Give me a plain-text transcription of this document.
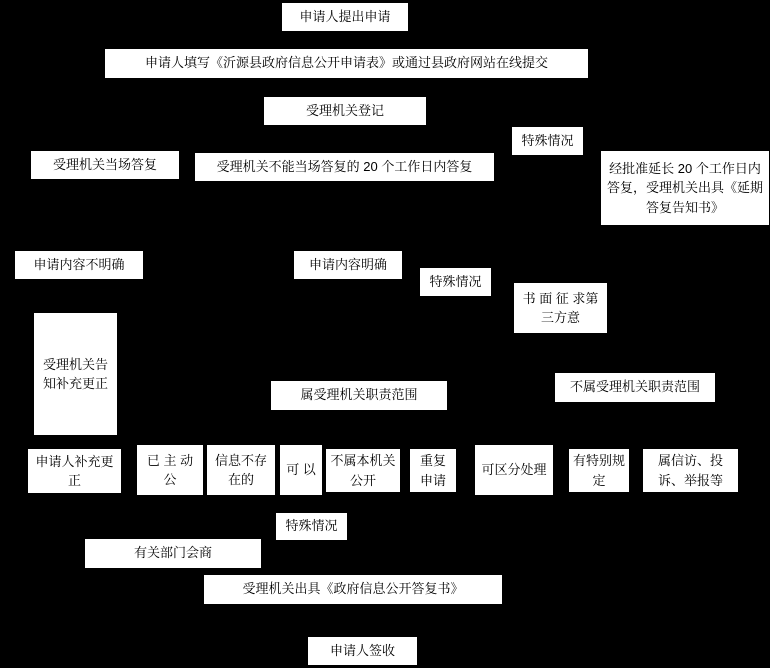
申请人提出申请
申请人填写《沂源县政府信息公开申请表》或通过县政府网站在线提交
受理机关登记
特殊情况
受理机关当场答复	受理机关不能当场答复的 20 个工作日内答复	经批准延长 20 个工作日内答复，受理机关出具《延期答复告知书》
申请内容不明确	申请内容明确
特殊情况
书 面 征 求第三方意
受理机关告知补充更正
属受理机关职责范围
不属受理机关职责范围
申请人补充更正
已 主 动 公
信息不存在的
可 以
不属本机关公开
重复申请
可区分处理
有特别规定
属信访、投诉、举报等
特殊情况
有关部门会商
受理机关出具《政府信息公开答复书》
申请人签收
